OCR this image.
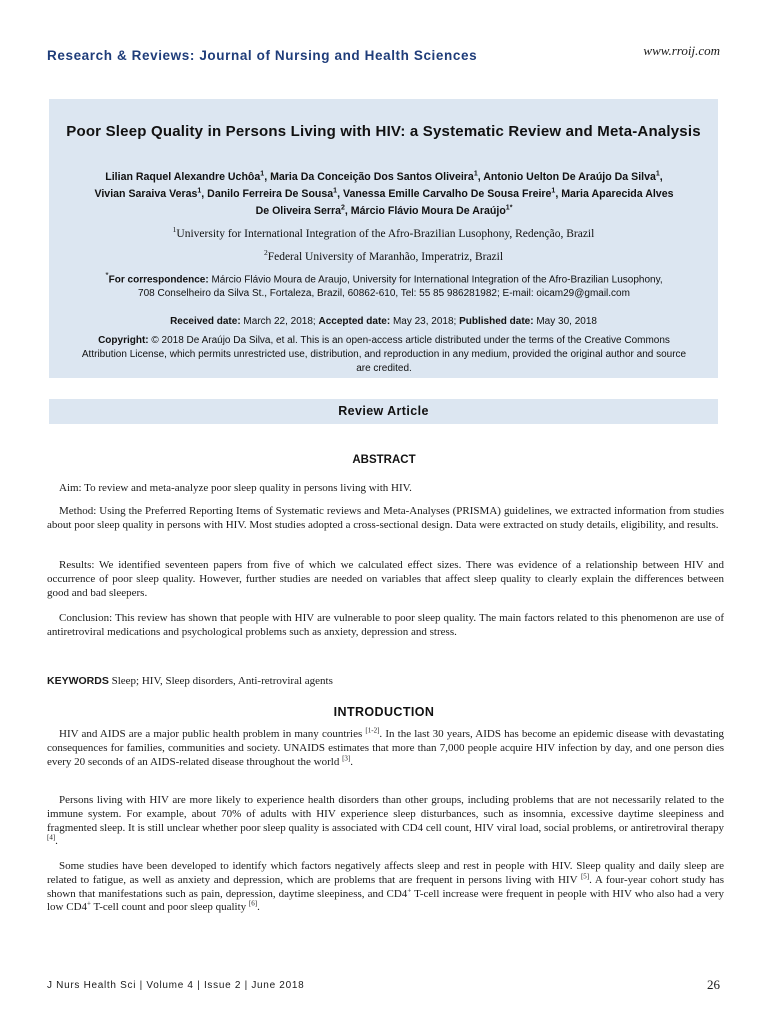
Research & Reviews: Journal of Nursing and Health Sciences	www.rroij.com
Poor Sleep Quality in Persons Living with HIV: a Systematic Review and Meta-Analysis
Lilian Raquel Alexandre Uchôa$^1$, Maria Da Conceição Dos Santos Oliveira$^1$, Antonio Uelton De Araújo Da Silva$^1$, Vivian Saraiva Veras$^1$, Danilo Ferreira De Sousa$^1$, Vanessa Emille Carvalho De Sousa Freire$^1$, Maria Aparecida Alves De Oliveira Serra$^2$, Márcio Flávio Moura De Araújo$^{1*}$
$^1$University for International Integration of the Afro-Brazilian Lusophony, Redenção, Brazil
$^2$Federal University of Maranhão, Imperatriz, Brazil
*For correspondence: Márcio Flávio Moura de Araujo, University for International Integration of the Afro-Brazilian Lusophony, 708 Conselheiro da Silva St., Fortaleza, Brazil, 60862-610, Tel: 55 85 986281982; E-mail: oicam29@gmail.com
Received date: March 22, 2018; Accepted date: May 23, 2018; Published date: May 30, 2018
Copyright: © 2018 De Araújo Da Silva, et al. This is an open-access article distributed under the terms of the Creative Commons Attribution License, which permits unrestricted use, distribution, and reproduction in any medium, provided the original author and source are credited.
Review Article
ABSTRACT

Aim: To review and meta-analyze poor sleep quality in persons living with HIV.

Method: Using the Preferred Reporting Items of Systematic reviews and Meta-Analyses (PRISMA) guidelines, we extracted information from studies about poor sleep quality in persons with HIV. Most studies adopted a cross-sectional design. Data were extracted on study details, eligibility, and results.

Results: We identified seventeen papers from five of which we calculated effect sizes. There was evidence of a relationship between HIV and occurrence of poor sleep quality. However, further studies are needed on variables that affect sleep quality to clearly explain the differences between good and bad sleepers.

Conclusion: This review has shown that people with HIV are vulnerable to poor sleep quality. The main factors related to this phenomenon are use of antiretroviral medications and psychological problems such as anxiety, depression and stress.

KEYWORDS Sleep; HIV, Sleep disorders, Anti-retroviral agents
INTRODUCTION

HIV and AIDS are a major public health problem in many countries [1-2]. In the last 30 years, AIDS has become an epidemic disease with devastating consequences for families, communities and society. UNAIDS estimates that more than 7,000 people acquire HIV infection by day, and one person dies every 20 seconds of an AIDS-related disease throughout the world [3].

Persons living with HIV are more likely to experience health disorders than other groups, including problems that are not necessarily related to the immune system. For example, about 70% of adults with HIV experience sleep disturbances, such as insomnia, excessive daytime sleepiness and fragmented sleep. It is still unclear whether poor sleep quality is associated with CD4 cell count, HIV viral load, social problems, or antiretroviral therapy [4].

Some studies have been developed to identify which factors negatively affects sleep and rest in people with HIV. Sleep quality and daily sleep are related to fatigue, as well as anxiety and depression, which are problems that are frequent in persons living with HIV [5]. A four-year cohort study has shown that manifestations such as pain, depression, daytime sleepiness, and CD4+ T-cell increase were frequent in people with HIV who also had a very low CD4+ T-cell count and poor sleep quality [6].

J Nurs Health Sci | Volume 4 | Issue 2 | June 2018	26
